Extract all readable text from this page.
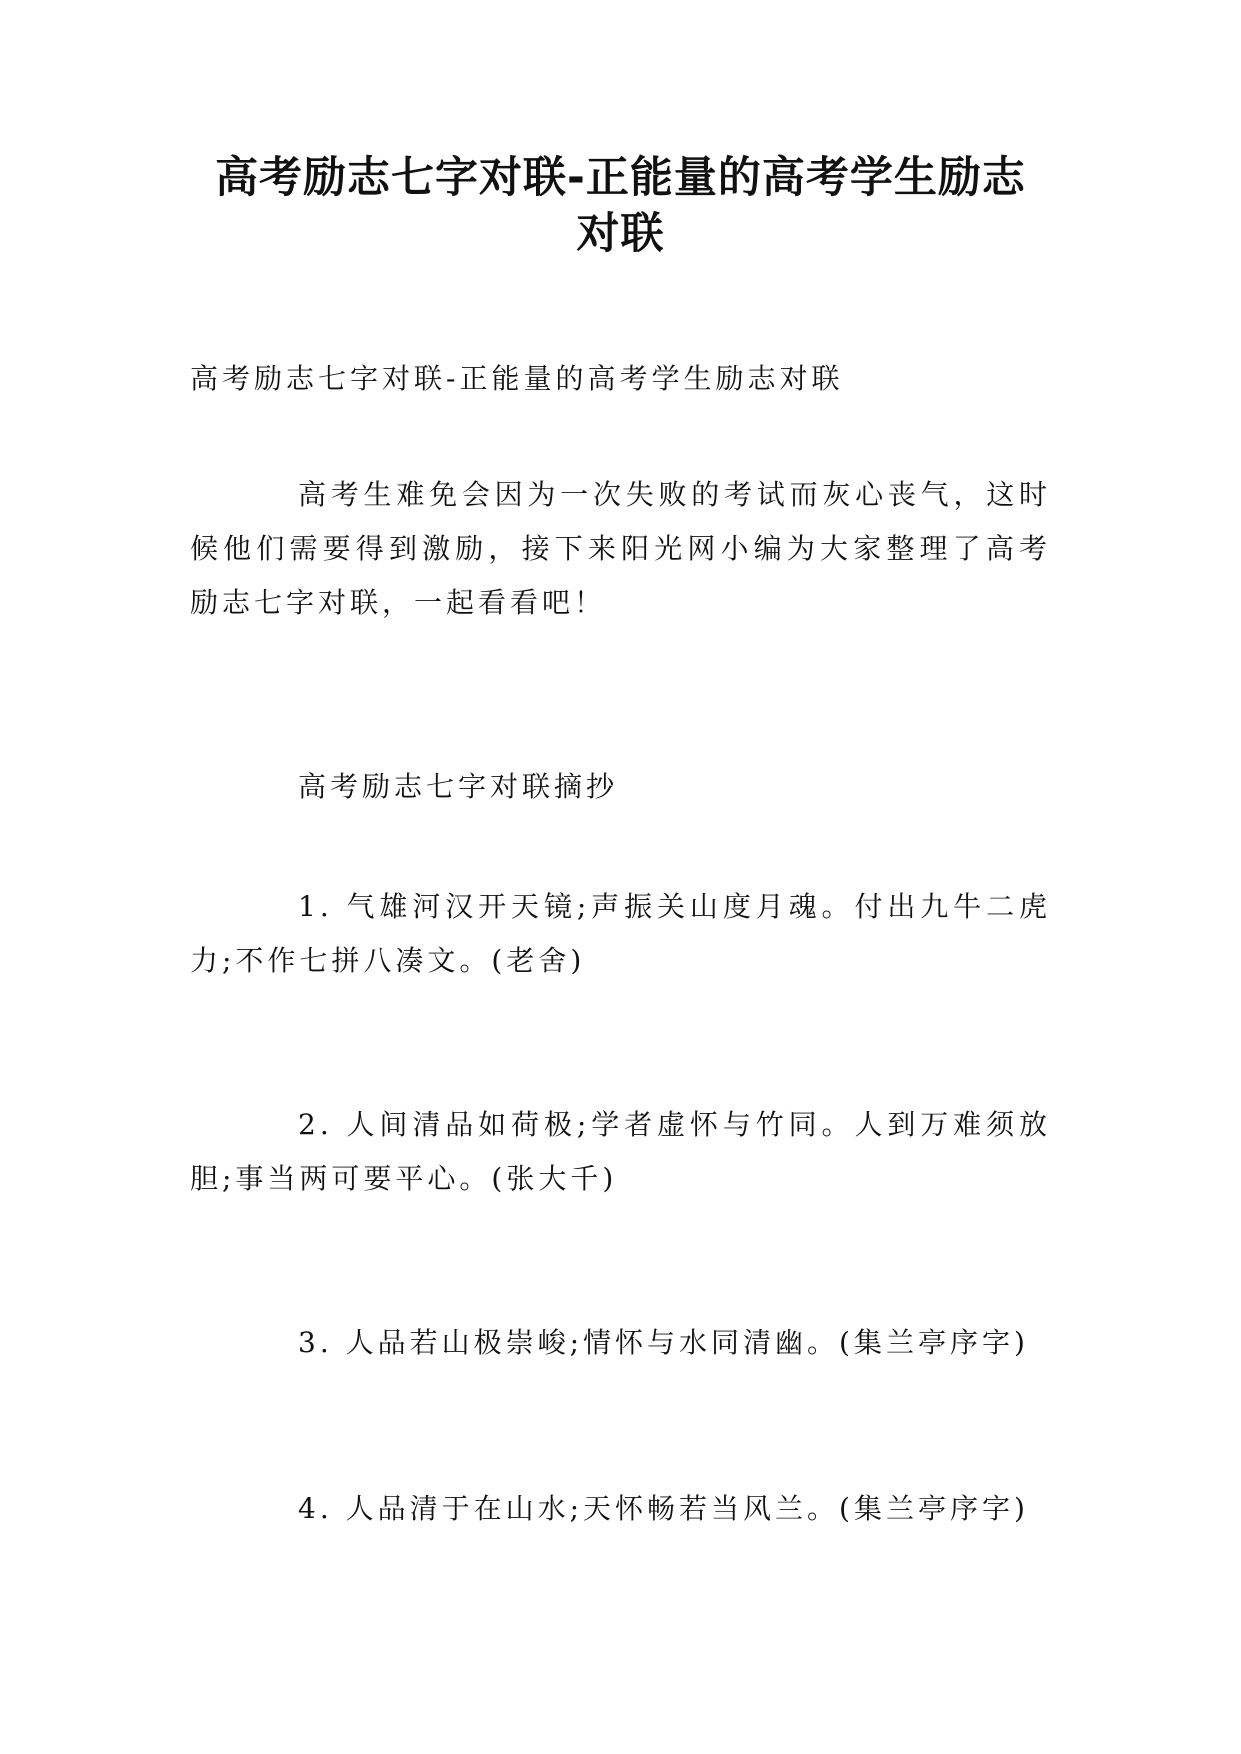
高考励志七字对联-正能量的高考学生励志
对联
高考励志七字对联-正能量的高考学生励志对联
高考生难免会因为一次失败的考试而灰心丧气，这时候他们需要得到激励，接下来阳光网小编为大家整理了高考励志七字对联，一起看看吧！
高考励志七字对联摘抄
1. 气雄河汉开天镜;声振关山度月魂。付出九牛二虎力;不作七拼八凑文。(老舍)
2. 人间清品如荷极;学者虚怀与竹同。人到万难须放胆;事当两可要平心。(张大千)
3. 人品若山极崇峻;情怀与水同清幽。(集兰亭序字)
4. 人品清于在山水;天怀畅若当风兰。(集兰亭序字)
